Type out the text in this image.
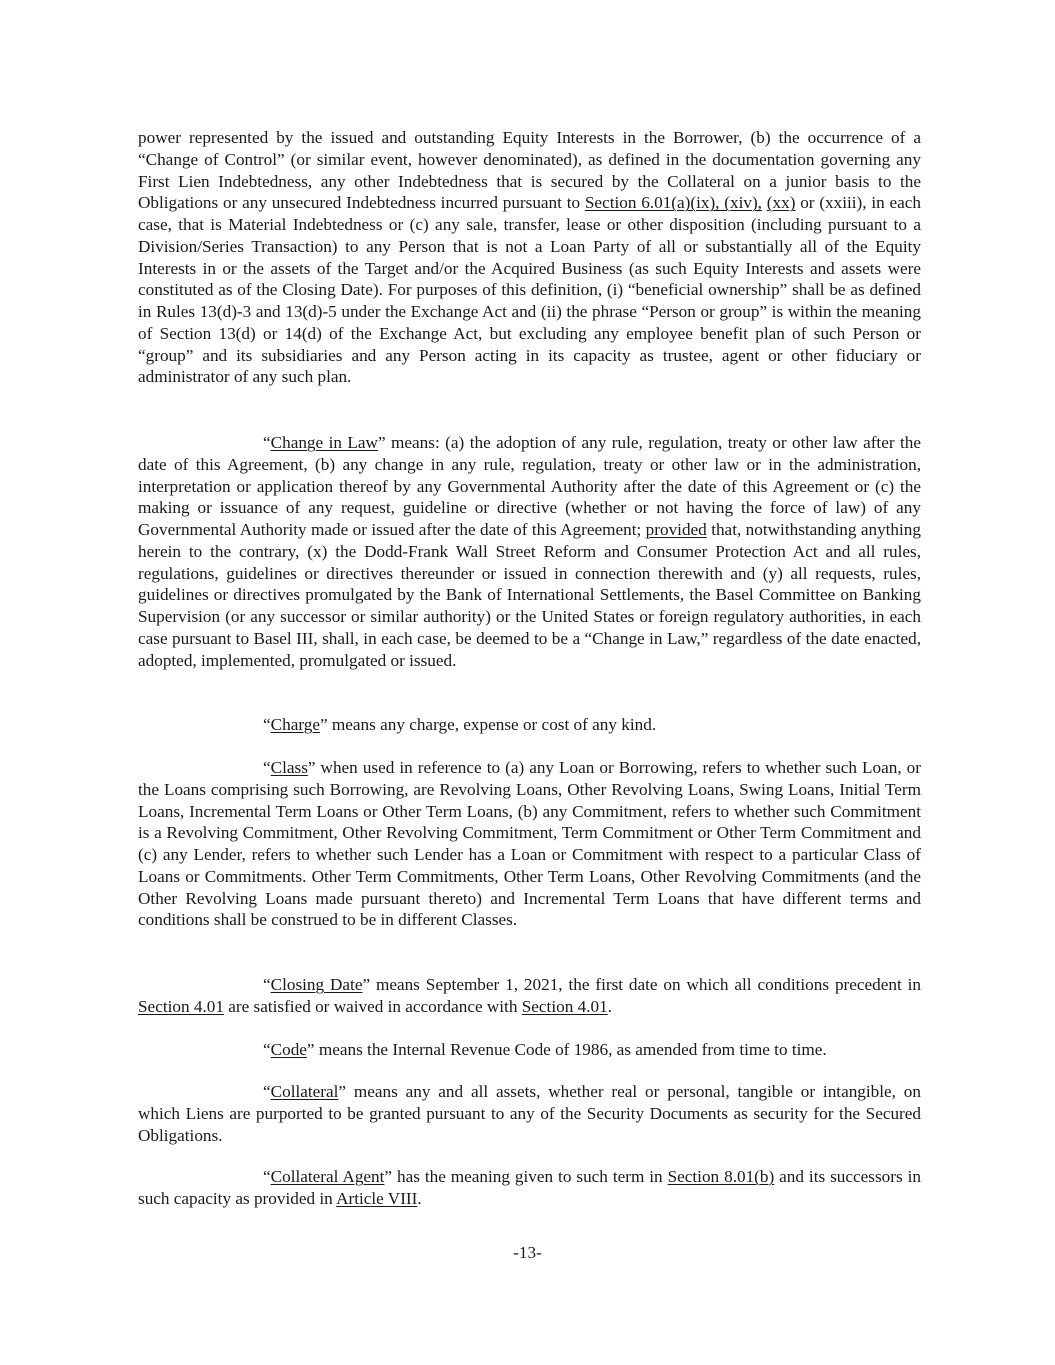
power represented by the issued and outstanding Equity Interests in the Borrower, (b) the occurrence of a “Change of Control” (or similar event, however denominated), as defined in the documentation governing any First Lien Indebtedness, any other Indebtedness that is secured by the Collateral on a junior basis to the Obligations or any unsecured Indebtedness incurred pursuant to Section 6.01(a)(ix), (xiv), (xx) or (xxiii), in each case, that is Material Indebtedness or (c) any sale, transfer, lease or other disposition (including pursuant to a Division/Series Transaction) to any Person that is not a Loan Party of all or substantially all of the Equity Interests in or the assets of the Target and/or the Acquired Business (as such Equity Interests and assets were constituted as of the Closing Date). For purposes of this definition, (i) “beneficial ownership” shall be as defined in Rules 13(d)-3 and 13(d)-5 under the Exchange Act and (ii) the phrase “Person or group” is within the meaning of Section 13(d) or 14(d) of the Exchange Act, but excluding any employee benefit plan of such Person or “group” and its subsidiaries and any Person acting in its capacity as trustee, agent or other fiduciary or administrator of any such plan.

“Change in Law” means: (a) the adoption of any rule, regulation, treaty or other law after the date of this Agreement, (b) any change in any rule, regulation, treaty or other law or in the administration, interpretation or application thereof by any Governmental Authority after the date of this Agreement or (c) the making or issuance of any request, guideline or directive (whether or not having the force of law) of any Governmental Authority made or issued after the date of this Agreement; provided that, notwithstanding anything herein to the contrary, (x) the Dodd-Frank Wall Street Reform and Consumer Protection Act and all rules, regulations, guidelines or directives thereunder or issued in connection therewith and (y) all requests, rules, guidelines or directives promulgated by the Bank of International Settlements, the Basel Committee on Banking Supervision (or any successor or similar authority) or the United States or foreign regulatory authorities, in each case pursuant to Basel III, shall, in each case, be deemed to be a “Change in Law,” regardless of the date enacted, adopted, implemented, promulgated or issued.

“Charge” means any charge, expense or cost of any kind.

“Class” when used in reference to (a) any Loan or Borrowing, refers to whether such Loan, or the Loans comprising such Borrowing, are Revolving Loans, Other Revolving Loans, Swing Loans, Initial Term Loans, Incremental Term Loans or Other Term Loans, (b) any Commitment, refers to whether such Commitment is a Revolving Commitment, Other Revolving Commitment, Term Commitment or Other Term Commitment and (c) any Lender, refers to whether such Lender has a Loan or Commitment with respect to a particular Class of Loans or Commitments. Other Term Commitments, Other Term Loans, Other Revolving Commitments (and the Other Revolving Loans made pursuant thereto) and Incremental Term Loans that have different terms and conditions shall be construed to be in different Classes.

“Closing Date” means September 1, 2021, the first date on which all conditions precedent in Section 4.01 are satisfied or waived in accordance with Section 4.01.

“Code” means the Internal Revenue Code of 1986, as amended from time to time.

“Collateral” means any and all assets, whether real or personal, tangible or intangible, on which Liens are purported to be granted pursuant to any of the Security Documents as security for the Secured Obligations.

“Collateral Agent” has the meaning given to such term in Section 8.01(b) and its successors in such capacity as provided in Article VIII.

-13-
